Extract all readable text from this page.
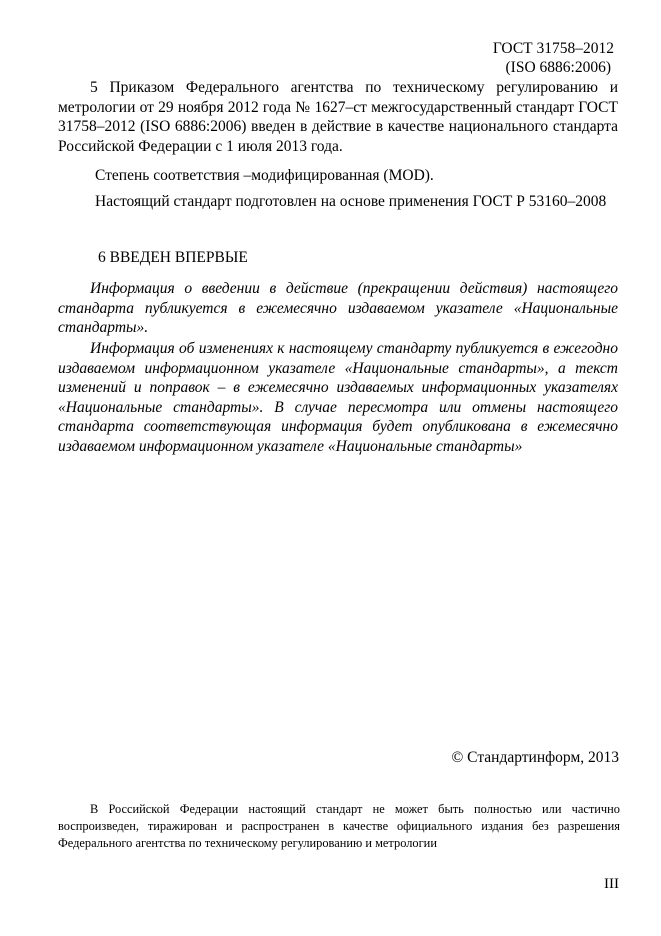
ГОСТ 31758–2012
(ISO 6886:2006)

5 Приказом Федерального агентства по техническому регулированию и метрологии от 29 ноября 2012 года № 1627–ст межгосударственный стандарт ГОСТ 31758–2012 (ISO 6886:2006) введен в действие в качестве национального стандарта Российской Федерации с 1 июля 2013 года.

Степень соответствия –модифицированная (MOD).

Настоящий стандарт подготовлен на основе применения ГОСТ Р 53160–2008

6 ВВЕДЕН ВПЕРВЫЕ

Информация о введении в действие (прекращении действия) настоящего стандарта публикуется в ежемесячно издаваемом указателе «Национальные стандарты».

Информация об изменениях к настоящему стандарту публикуется в ежегодно издаваемом информационном указателе «Национальные стандарты», а текст изменений и поправок – в ежемесячно издаваемых информационных указателях «Национальные стандарты». В случае пересмотра или отмены настоящего стандарта соответствующая информация будет опубликована в ежемесячно издаваемом информационном указателе «Национальные стандарты»

© Стандартинформ, 2013

В Российской Федерации настоящий стандарт не может быть полностью или частично воспроизведен, тиражирован и распространен в качестве официального издания без разрешения Федерального агентства по техническому регулированию и метрологии

III
